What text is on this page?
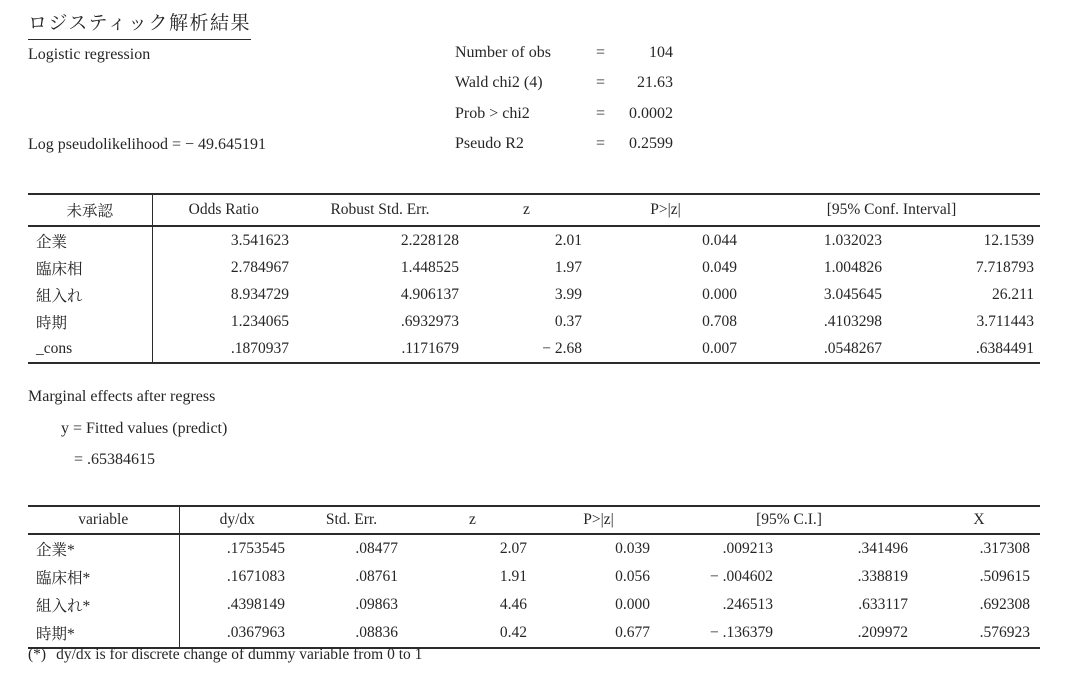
ロジスティック解析結果
Logistic regression	Number of obs	=	104
Wald chi2 (4)	=	21.63
Prob > chi2	=	0.0002
Pseudo R2	=	0.2599
Log pseudolikelihood = − 49.645191
未承認	Odds Ratio	Robust Std. Err.	z	P>|z|	[95% Conf. Interval]	
企業	3.541623	2.228128	2.01	0.044	1.032023	12.1539
臨床相	2.784967	1.448525	1.97	0.049	1.004826	7.718793
組入れ	8.934729	4.906137	3.99	0.000	3.045645	26.211
時期	1.234065	.6932973	0.37	0.708	.4103298	3.711443
_cons	.1870937	.1171679	− 2.68	0.007	.0548267	.6384491
Marginal effects after regress
y = Fitted values (predict)
= .65384615
variable	dy/dx	Std. Err.	z	P>|z|	[95% C.I.]		X
企業*	.1753545	.08477	2.07	0.039	.009213	.341496	.317308
臨床相*	.1671083	.08761	1.91	0.056	− .004602	.338819	.509615
組入れ*	.4398149	.09863	4.46	0.000	.246513	.633117	.692308
時期*	.0367963	.08836	0.42	0.677	− .136379	.209972	.576923
(*) dy/dx is for discrete change of dummy variable from 0 to 1
